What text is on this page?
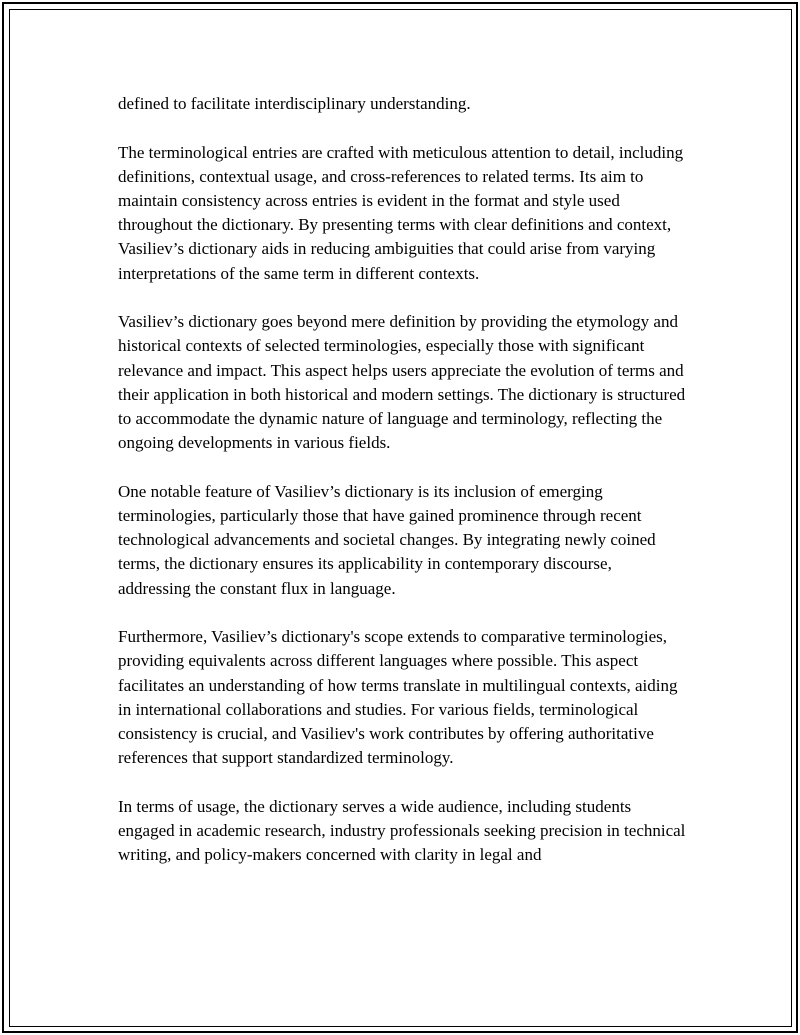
defined to facilitate interdisciplinary understanding.

The terminological entries are crafted with meticulous attention to detail, including definitions, contextual usage, and cross-references to related terms. Its aim to maintain consistency across entries is evident in the format and style used throughout the dictionary. By presenting terms with clear definitions and context, Vasiliev’s dictionary aids in reducing ambiguities that could arise from varying interpretations of the same term in different contexts.

Vasiliev’s dictionary goes beyond mere definition by providing the etymology and historical contexts of selected terminologies, especially those with significant relevance and impact. This aspect helps users appreciate the evolution of terms and their application in both historical and modern settings. The dictionary is structured to accommodate the dynamic nature of language and terminology, reflecting the ongoing developments in various fields.

One notable feature of Vasiliev’s dictionary is its inclusion of emerging terminologies, particularly those that have gained prominence through recent technological advancements and societal changes. By integrating newly coined terms, the dictionary ensures its applicability in contemporary discourse, addressing the constant flux in language.

Furthermore, Vasiliev’s dictionary's scope extends to comparative terminologies, providing equivalents across different languages where possible. This aspect facilitates an understanding of how terms translate in multilingual contexts, aiding in international collaborations and studies. For various fields, terminological consistency is crucial, and Vasiliev's work contributes by offering authoritative references that support standardized terminology.

In terms of usage, the dictionary serves a wide audience, including students engaged in academic research, industry professionals seeking precision in technical writing, and policy-makers concerned with clarity in legal and
